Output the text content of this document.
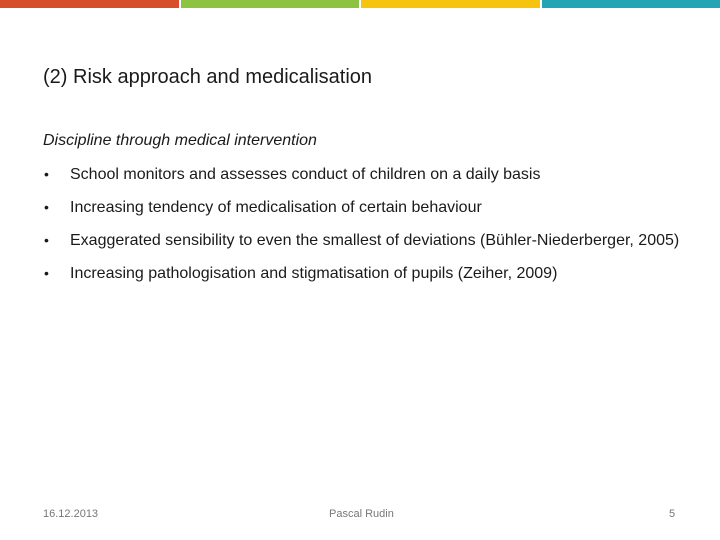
(2) Risk approach and medicalisation
Discipline through medical intervention
• School monitors and assesses conduct of children on a daily basis
• Increasing tendency of medicalisation of certain behaviour
• Exaggerated sensibility to even the smallest of deviations (Bühler-Niederberger, 2005)
• Increasing pathologisation and stigmatisation of pupils (Zeiher, 2009)
16.12.2013	Pascal Rudin	5
